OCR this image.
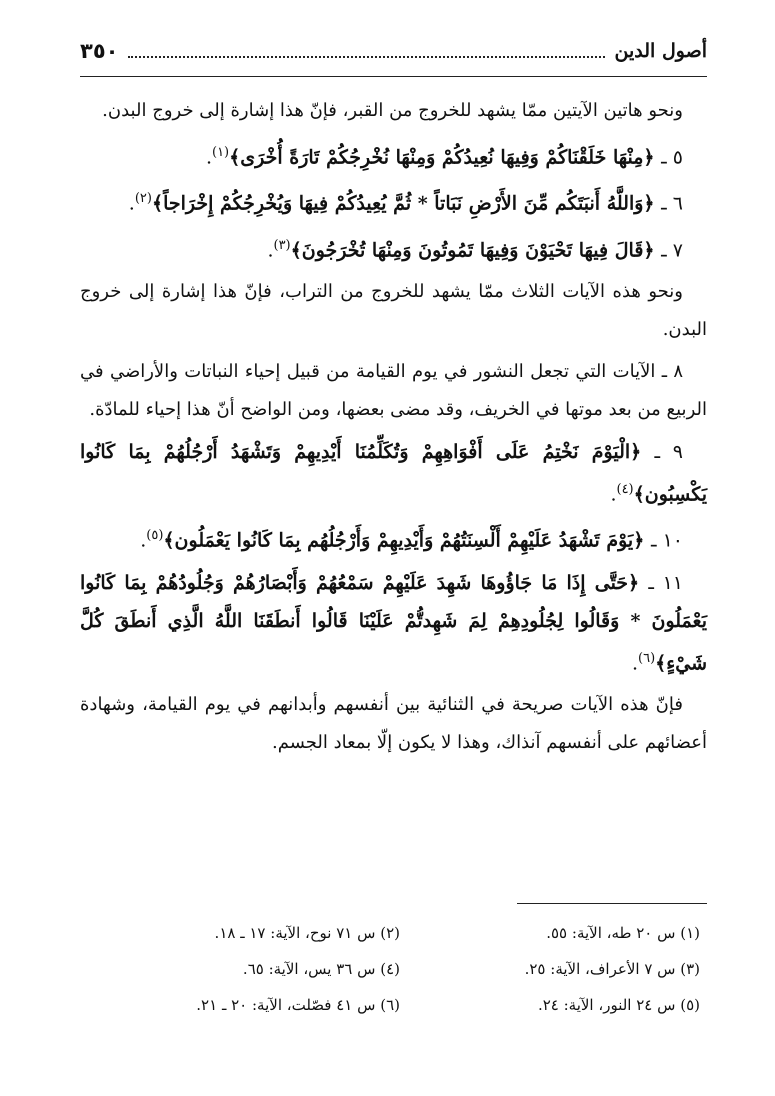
أصول الدين
٣٥٠

ونحو هاتين الآيتين ممّا يشهد للخروج من القبر، فإنّ هذا إشارة إلى خروج البدن.

٥ ـ ﴿مِنْهَا خَلَقْنَاكُمْ وَفِيهَا نُعِيدُكُمْ وَمِنْهَا نُخْرِجُكُمْ تَارَةً أُخْرَى﴾$^{(١)}$.

٦ ـ ﴿وَاللَّهُ أَنبَتَكُم مِّنَ الأَرْضِ نَبَاتاً * ثُمَّ يُعِيدُكُمْ فِيهَا وَيُخْرِجُكُمْ إِخْرَاجاً﴾$^{(٢)}$.

٧ ـ ﴿قَالَ فِيهَا تَحْيَوْنَ وَفِيهَا تَمُوتُونَ وَمِنْهَا تُخْرَجُونَ﴾$^{(٣)}$.

ونحو هذه الآيات الثلاث ممّا يشهد للخروج من التراب، فإنّ هذا إشارة إلى خروج البدن.

٨ ـ الآيات التي تجعل النشور في يوم القيامة من قبيل إحياء النباتات والأراضي في الربيع من بعد موتها في الخريف، وقد مضى بعضها، ومن الواضح أنّ هذا إحياء للمادّة.

٩ ـ ﴿الْيَوْمَ نَخْتِمُ عَلَى أَفْوَاهِهِمْ وَتُكَلِّمُنَا أَيْدِيهِمْ وَتَشْهَدُ أَرْجُلُهُمْ بِمَا كَانُوا يَكْسِبُون﴾$^{(٤)}$.

١٠ ـ ﴿يَوْمَ تَشْهَدُ عَلَيْهِمْ أَلْسِنَتُهُمْ وَأَيْدِيهِمْ وَأَرْجُلُهُم بِمَا كَانُوا يَعْمَلُون﴾$^{(٥)}$.

١١ ـ ﴿حَتَّى إِذَا مَا جَاؤُوهَا شَهِدَ عَلَيْهِمْ سَمْعُهُمْ وَأَبْصَارُهُمْ وَجُلُودُهُمْ بِمَا كَانُوا يَعْمَلُونَ * وَقَالُوا لِجُلُودِهِمْ لِمَ شَهِدتُّمْ عَلَيْنَا قَالُوا أَنطَقَنَا اللَّهُ الَّذِي أَنطَقَ كُلَّ شَيْءٍ﴾$^{(٦)}$.

فإنّ هذه الآيات صريحة في الثنائية بين أنفسهم وأبدانهم في يوم القيامة، وشهادة أعضائهم على أنفسهم آنذاك، وهذا لا يكون إلّا بمعاد الجسم.

(١) س ٢٠ طه، الآية: ٥٥.
(٢) س ٧١ نوح، الآية: ١٧ ـ ١٨.
(٣) س ٧ الأعراف، الآية: ٢٥.
(٤) س ٣٦ يس، الآية: ٦٥.
(٥) س ٢٤ النور، الآية: ٢٤.
(٦) س ٤١ فصّلت، الآية: ٢٠ ـ ٢١.
